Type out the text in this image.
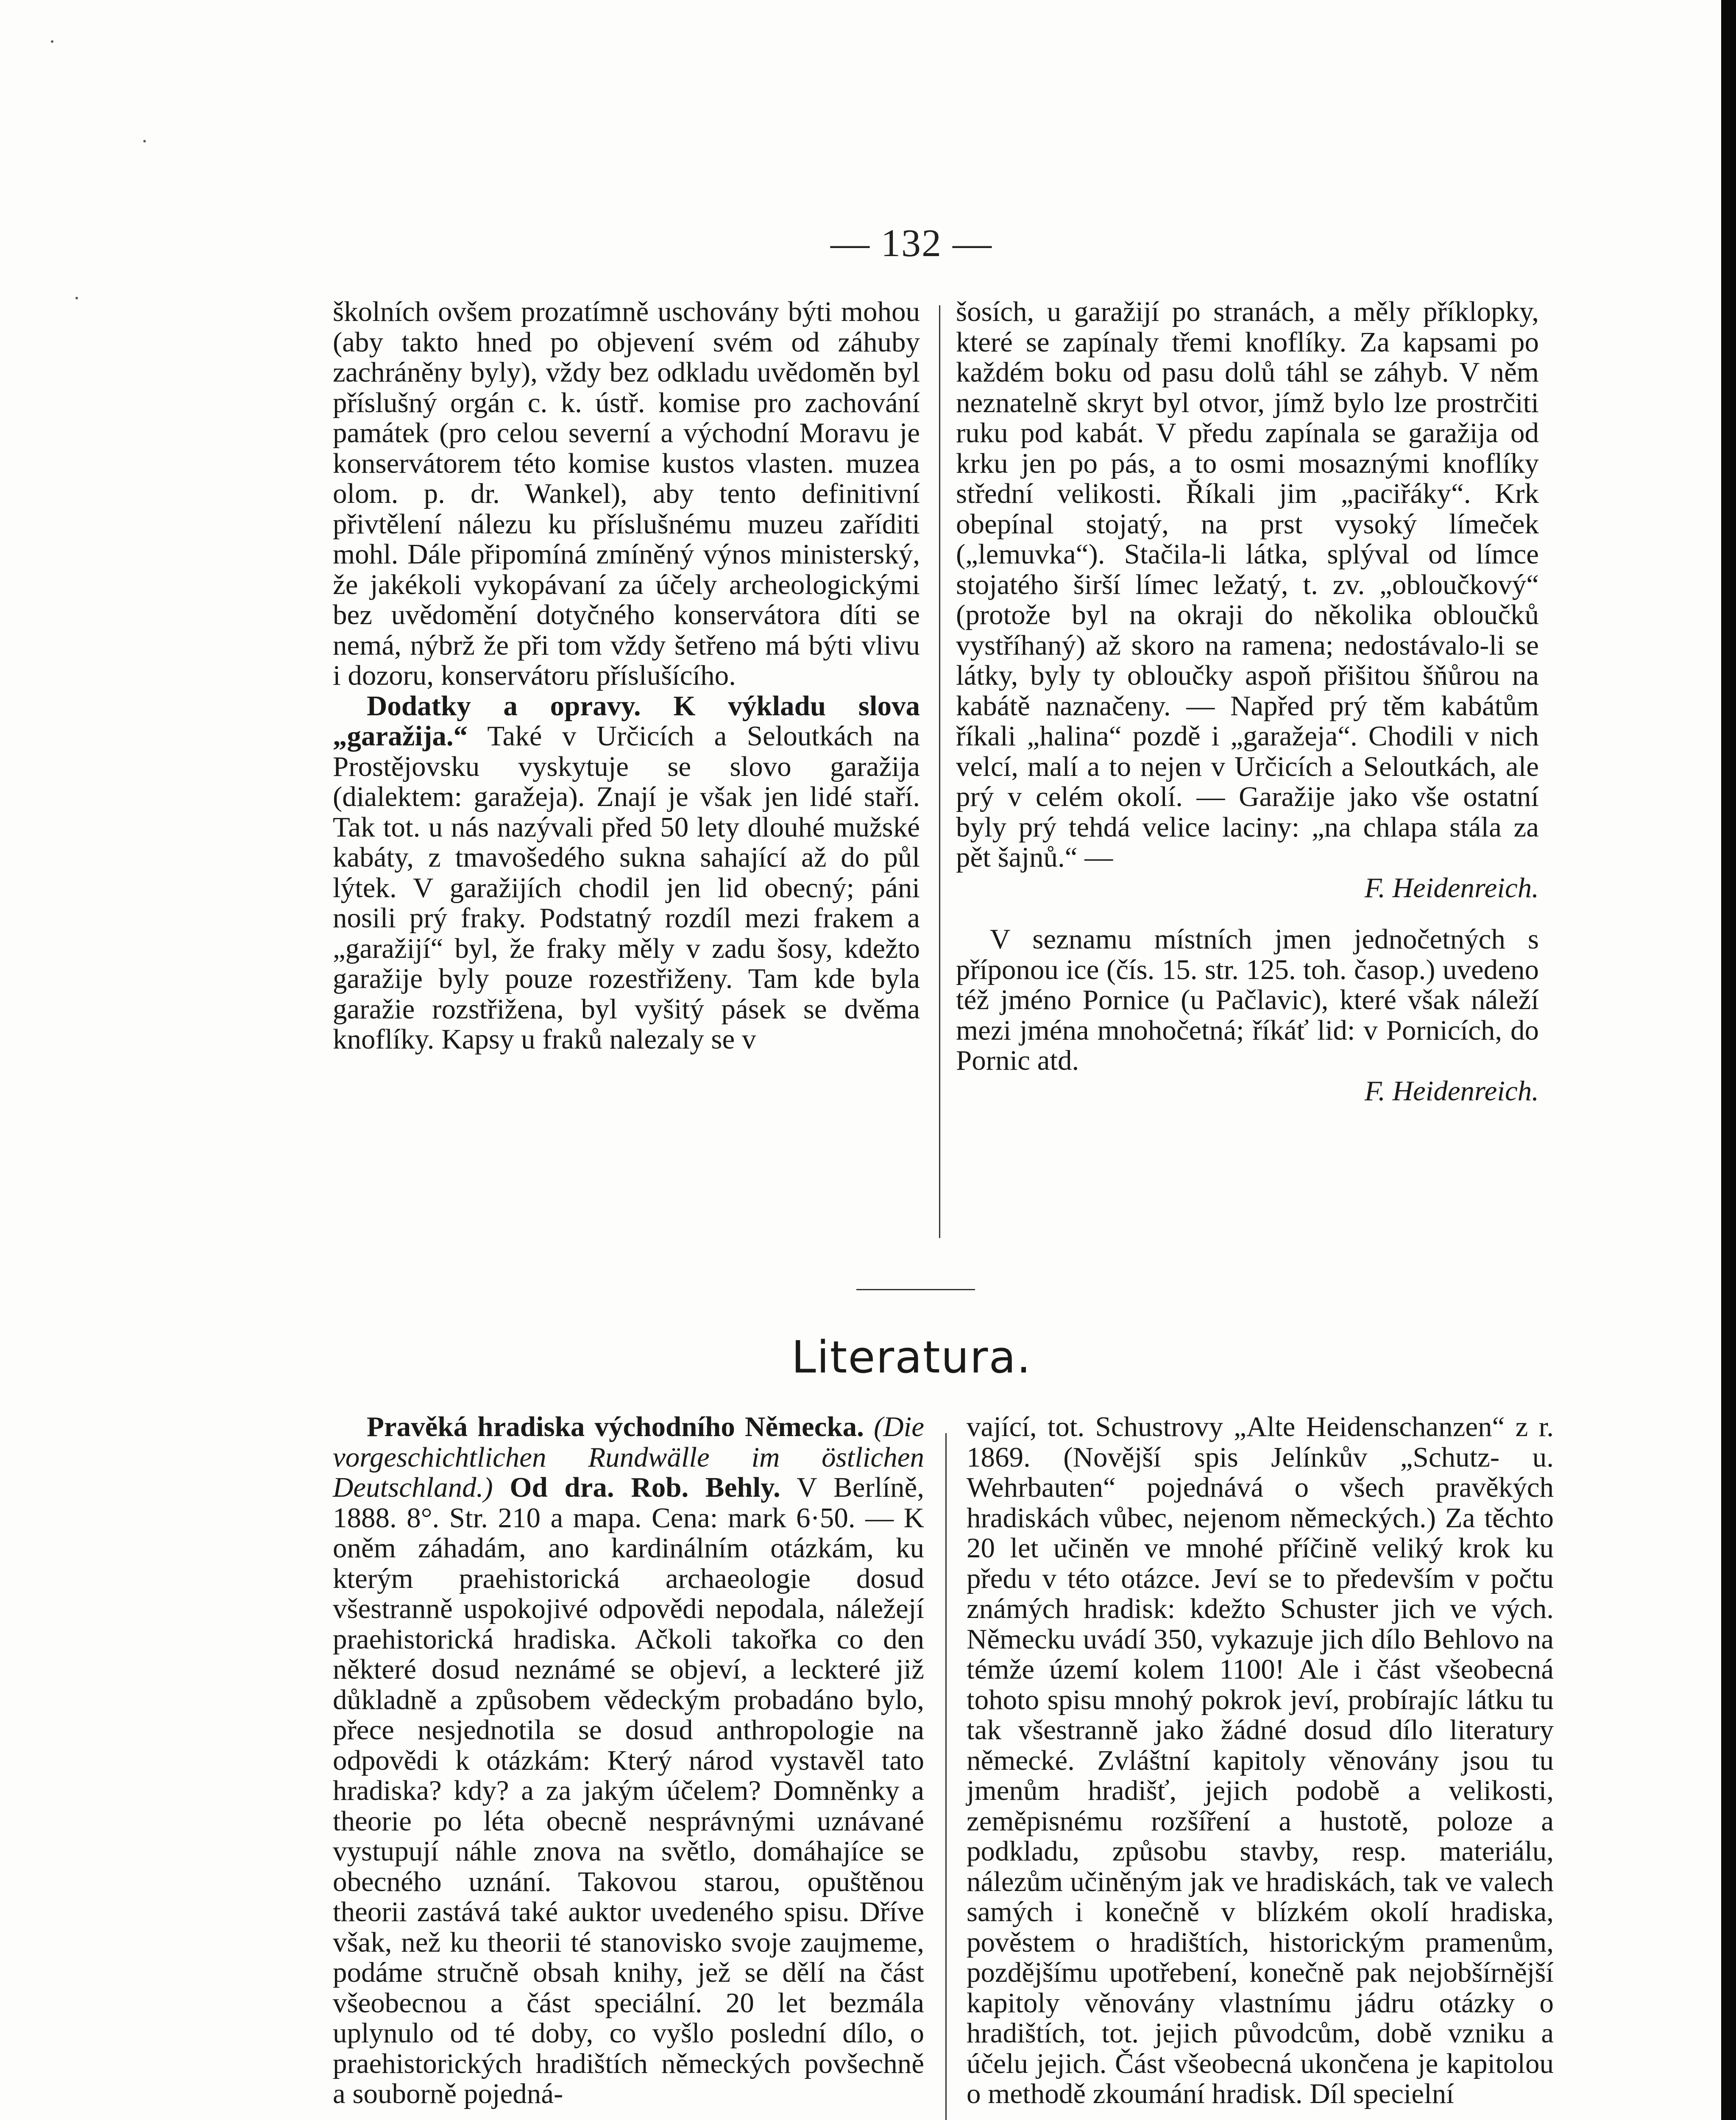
— 132 —

školních ovšem prozatímně uschovány býti mohou (aby takto hned po objevení svém od záhuby zachráněny byly), vždy bez odkladu uvědoměn byl příslušný orgán c. k. ústř. komise pro zachování památek (pro celou severní a východní Moravu je konservátorem této komise kustos vlasten. muzea olom. p. dr. Wankel), aby tento definitivní přivtělení nálezu ku příslušnému muzeu zaříditi mohl. Dále připomíná zmíněný výnos ministerský, že jakékoli vykopávaní za účely archeologickými bez uvědomění dotyčného konservátora díti se nemá, nýbrž že při tom vždy šetřeno má býti vlivu i dozoru, konservátoru příslušícího.

Dodatky a opravy. K výkladu slova „garažija.“ Také v Určicích a Seloutkách na Prostějovsku vyskytuje se slovo garažija (dialektem: garažeja). Znají je však jen lidé staří. Tak tot. u nás nazývali před 50 lety dlouhé mužské kabáty, z tmavošedého sukna sahající až do půl lýtek. V garažijích chodil jen lid obecný; páni nosili prý fraky. Podstatný rozdíl mezi frakem a „garažijí“ byl, že fraky měly v zadu šosy, kdežto garažije byly pouze rozestřiženy. Tam kde byla garažie rozstřižena, byl vyšitý pásek se dvěma knoflíky. Kapsy u fraků nalezaly se v

šosích, u garažijí po stranách, a měly příklopky, které se zapínaly třemi knoflíky. Za kapsami po každém boku od pasu dolů táhl se záhyb. V něm neznatelně skryt byl otvor, jímž bylo lze prostrčiti ruku pod kabát. V předu zapínala se garažija od krku jen po pás, a to osmi mosaznými knoflíky střední velikosti. Říkali jim „paciřáky“. Krk obepínal stojatý, na prst vysoký límeček („lemuvka“). Stačila-li látka, splýval od límce stojatého širší límec ležatý, t. zv. „obloučkový“ (protože byl na okraji do několika obloučků vystříhaný) až skoro na ramena; nedostávalo-li se látky, byly ty obloučky aspoň přišitou šňůrou na kabátě naznačeny. — Napřed prý těm kabátům říkali „halina“ pozdě i „garažeja“. Chodili v nich velcí, malí a to nejen v Určicích a Seloutkách, ale prý v celém okolí. — Garažije jako vše ostatní byly prý tehdá velice laciny: „na chlapa stála za pět šajnů.“ —

F. Heidenreich.

V seznamu místních jmen jednočetných s příponou ice (čís. 15. str. 125. toh. časop.) uvedeno též jméno Pornice (u Pačlavic), které však náleží mezi jména mnohočetná; říkáť lid: v Pornicích, do Pornic atd.

F. Heidenreich.

Literatura.

Pravěká hradiska východního Německa. (Die vorgeschichtlichen Rundwälle im östlichen Deutschland.) Od dra. Rob. Behly. V Berlíně, 1888. 8°. Str. 210 a mapa. Cena: mark 6·50. — K oněm záhadám, ano kardinálním otázkám, ku kterým praehistorická archaeologie dosud všestranně uspokojivé odpovědi nepodala, náležejí praehistorická hradiska. Ačkoli takořka co den některé dosud neznámé se objeví, a leckteré již důkladně a způsobem vědeckým probadáno bylo, přece nesjednotila se dosud anthropologie na odpovědi k otázkám: Který národ vystavěl tato hradiska? kdy? a za jakým účelem? Domněnky a theorie po léta obecně nesprávnými uznávané vystupují náhle znova na světlo, domáhajíce se obecného uznání. Takovou starou, opuštěnou theorii zastává také auktor uvedeného spisu. Dříve však, než ku theorii té stanovisko svoje zaujmeme, podáme stručně obsah knihy, jež se dělí na část všeobecnou a část speciální. 20 let bezmála uplynulo od té doby, co vyšlo poslední dílo, o praehistorických hradištích německých povšechně a souborně pojedná-

vající, tot. Schustrovy „Alte Heidenschanzen“ z r. 1869. (Novější spis Jelínkův „Schutz- u. Wehrbauten“ pojednává o všech pravěkých hradiskách vůbec, nejenom německých.) Za těchto 20 let učiněn ve mnohé příčině veliký krok ku předu v této otázce. Jeví se to především v počtu známých hradisk: kdežto Schuster jich ve vých. Německu uvádí 350, vykazuje jich dílo Behlovo na témže území kolem 1100! Ale i část všeobecná tohoto spisu mnohý pokrok jeví, probírajíc látku tu tak všestranně jako žádné dosud dílo literatury německé. Zvláštní kapitoly věnovány jsou tu jmenům hradišť, jejich podobě a velikosti, zeměpisnému rozšíření a hustotě, poloze a podkladu, způsobu stavby, resp. materiálu, nálezům učiněným jak ve hradiskách, tak ve valech samých i konečně v blízkém okolí hradiska, pověstem o hradištích, historickým pramenům, pozdějšímu upotřebení, konečně pak nejobšírnější kapitoly věnovány vlastnímu jádru otázky o hradištích, tot. jejich původcům, době vzniku a účelu jejich. Část všeobecná ukončena je kapitolou o methodě zkoumání hradisk. Díl specielní
